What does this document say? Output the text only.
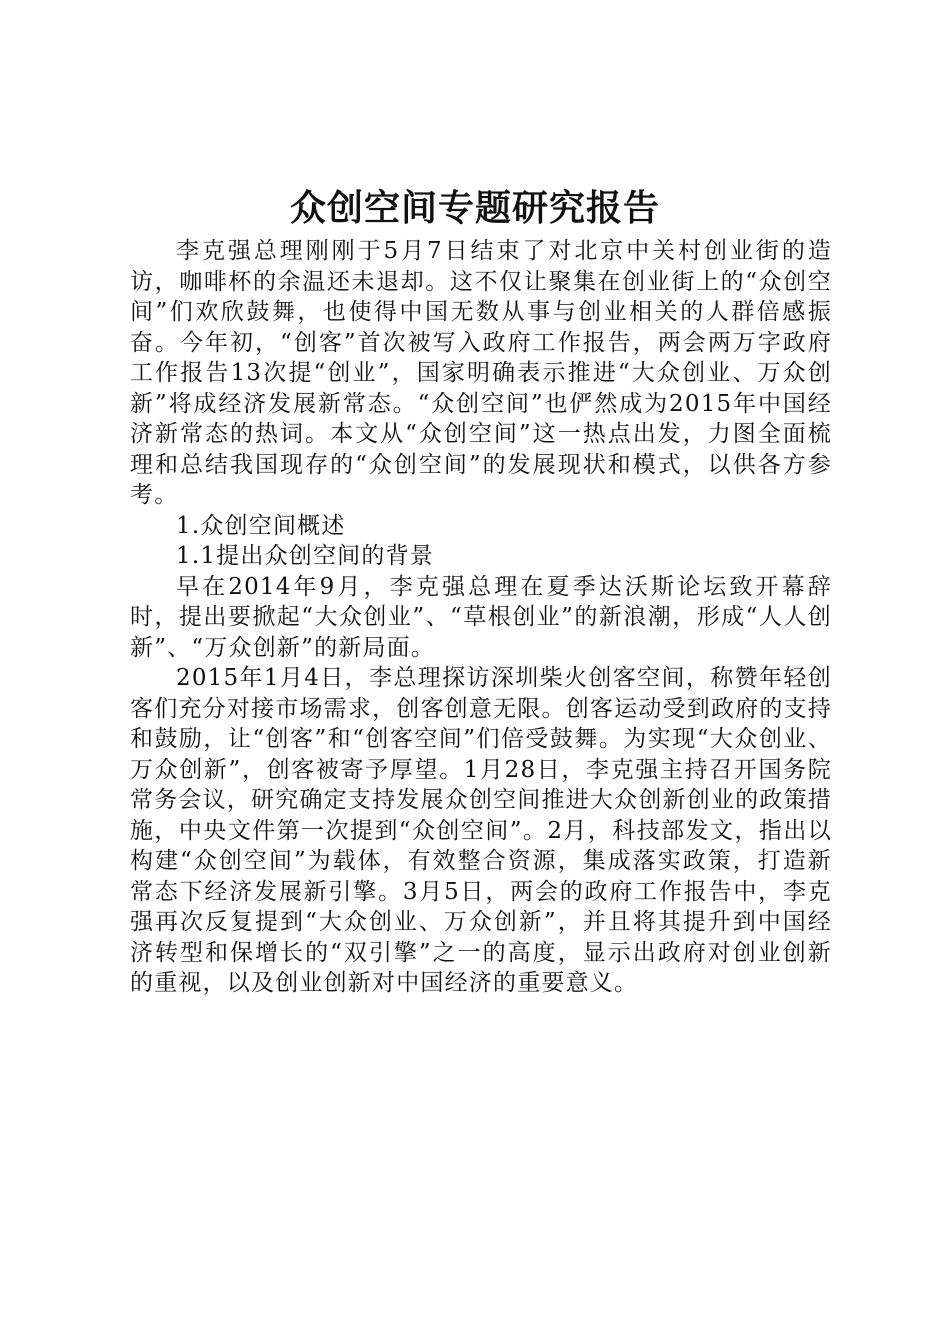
众创空间专题研究报告

李克强总理刚刚于5月7日结束了对北京中关村创业街的造访，咖啡杯的余温还未退却。这不仅让聚集在创业街上的“众创空间”们欢欣鼓舞，也使得中国无数从事与创业相关的人群倍感振奋。今年初，“创客”首次被写入政府工作报告，两会两万字政府工作报告13次提“创业”，国家明确表示推进“大众创业、万众创新”将成经济发展新常态。“众创空间”也俨然成为2015年中国经济新常态的热词。本文从“众创空间”这一热点出发，力图全面梳理和总结我国现存的“众创空间”的发展现状和模式，以供各方参考。

1.众创空间概述

1.1提出众创空间的背景

早在2014年9月，李克强总理在夏季达沃斯论坛致开幕辞时，提出要掀起“大众创业”、“草根创业”的新浪潮，形成“人人创新”、“万众创新”的新局面。

2015年1月4日，李总理探访深圳柴火创客空间，称赞年轻创客们充分对接市场需求，创客创意无限。创客运动受到政府的支持和鼓励，让“创客”和“创客空间”们倍受鼓舞。为实现“大众创业、万众创新”，创客被寄予厚望。1月28日，李克强主持召开国务院常务会议，研究确定支持发展众创空间推进大众创新创业的政策措施，中央文件第一次提到“众创空间”。2月，科技部发文，指出以构建“众创空间”为载体，有效整合资源，集成落实政策，打造新常态下经济发展新引擎。3月5日，两会的政府工作报告中，李克强再次反复提到“大众创业、万众创新”，并且将其提升到中国经济转型和保增长的“双引擎”之一的高度，显示出政府对创业创新的重视，以及创业创新对中国经济的重要意义。
